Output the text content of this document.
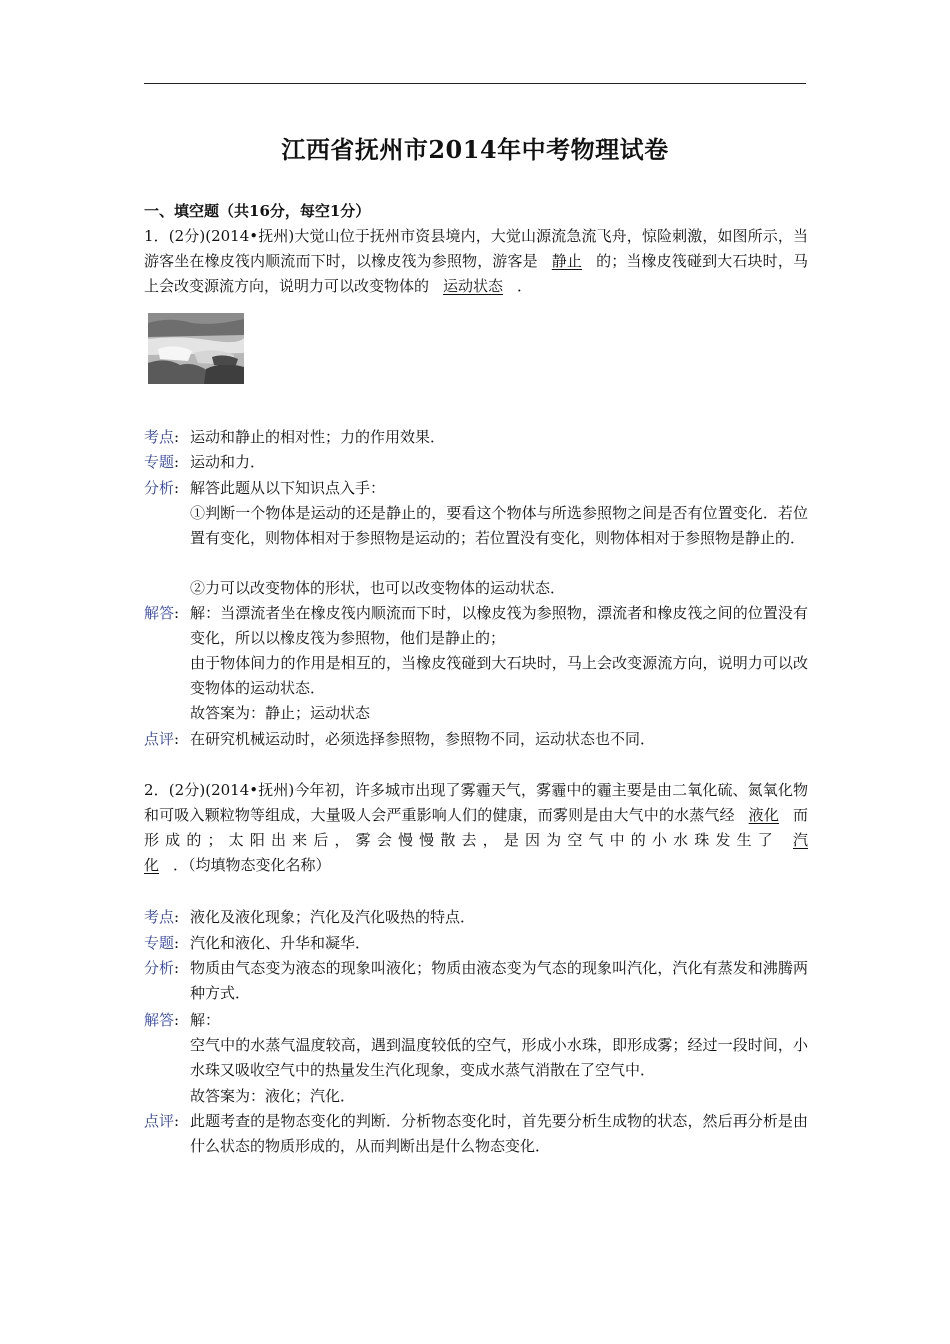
江西省抚州市2014年中考物理试卷
一、填空题（共16分，每空1分）
1．(2分)(2014•抚州)大觉山位于抚州市资县境内，大觉山源流急流飞舟，惊险刺激，如图所示，当游客坐在橡皮筏内顺流而下时，以橡皮筏为参照物，游客是 静止 的；当橡皮筏碰到大石块时，马上会改变源流方向，说明力可以改变物体的 运动状态 ．
考点: 运动和静止的相对性；力的作用效果．
专题: 运动和力．
分析: 解答此题从以下知识点入手：
①判断一个物体是运动的还是静止的，要看这个物体与所选参照物之间是否有位置变化．若位置有变化，则物体相对于参照物是运动的；若位置没有变化，则物体相对于参照物是静止的．
②力可以改变物体的形状，也可以改变物体的运动状态．
解答: 解：当漂流者坐在橡皮筏内顺流而下时，以橡皮筏为参照物，漂流者和橡皮筏之间的位置没有变化，所以以橡皮筏为参照物，他们是静止的；
由于物体间力的作用是相互的，当橡皮筏碰到大石块时，马上会改变源流方向，说明力可以改变物体的运动状态．
故答案为：静止；运动状态
点评: 在研究机械运动时，必须选择参照物，参照物不同，运动状态也不同．
2．(2分)(2014•抚州)今年初，许多城市出现了雾霾天气，雾霾中的霾主要是由二氧化硫、氮氧化物和可吸入颗粒物等组成，大量吸人会严重影响人们的健康，而雾则是由大气中的水蒸气经 液化 而形成的；太阳出来后，雾会慢慢散去，是因为空气中的小水珠发生了 汽化 ．（均填物态变化名称）
考点: 液化及液化现象；汽化及汽化吸热的特点．
专题: 汽化和液化、升华和凝华．
分析: 物质由气态变为液态的现象叫液化；物质由液态变为气态的现象叫汽化，汽化有蒸发和沸腾两种方式．
解答: 解：
空气中的水蒸气温度较高，遇到温度较低的空气，形成小水珠，即形成雾；经过一段时间，小水珠又吸收空气中的热量发生汽化现象，变成水蒸气消散在了空气中．
故答案为：液化；汽化．
点评: 此题考查的是物态变化的判断．分析物态变化时，首先要分析生成物的状态，然后再分析是由什么状态的物质形成的，从而判断出是什么物态变化．
